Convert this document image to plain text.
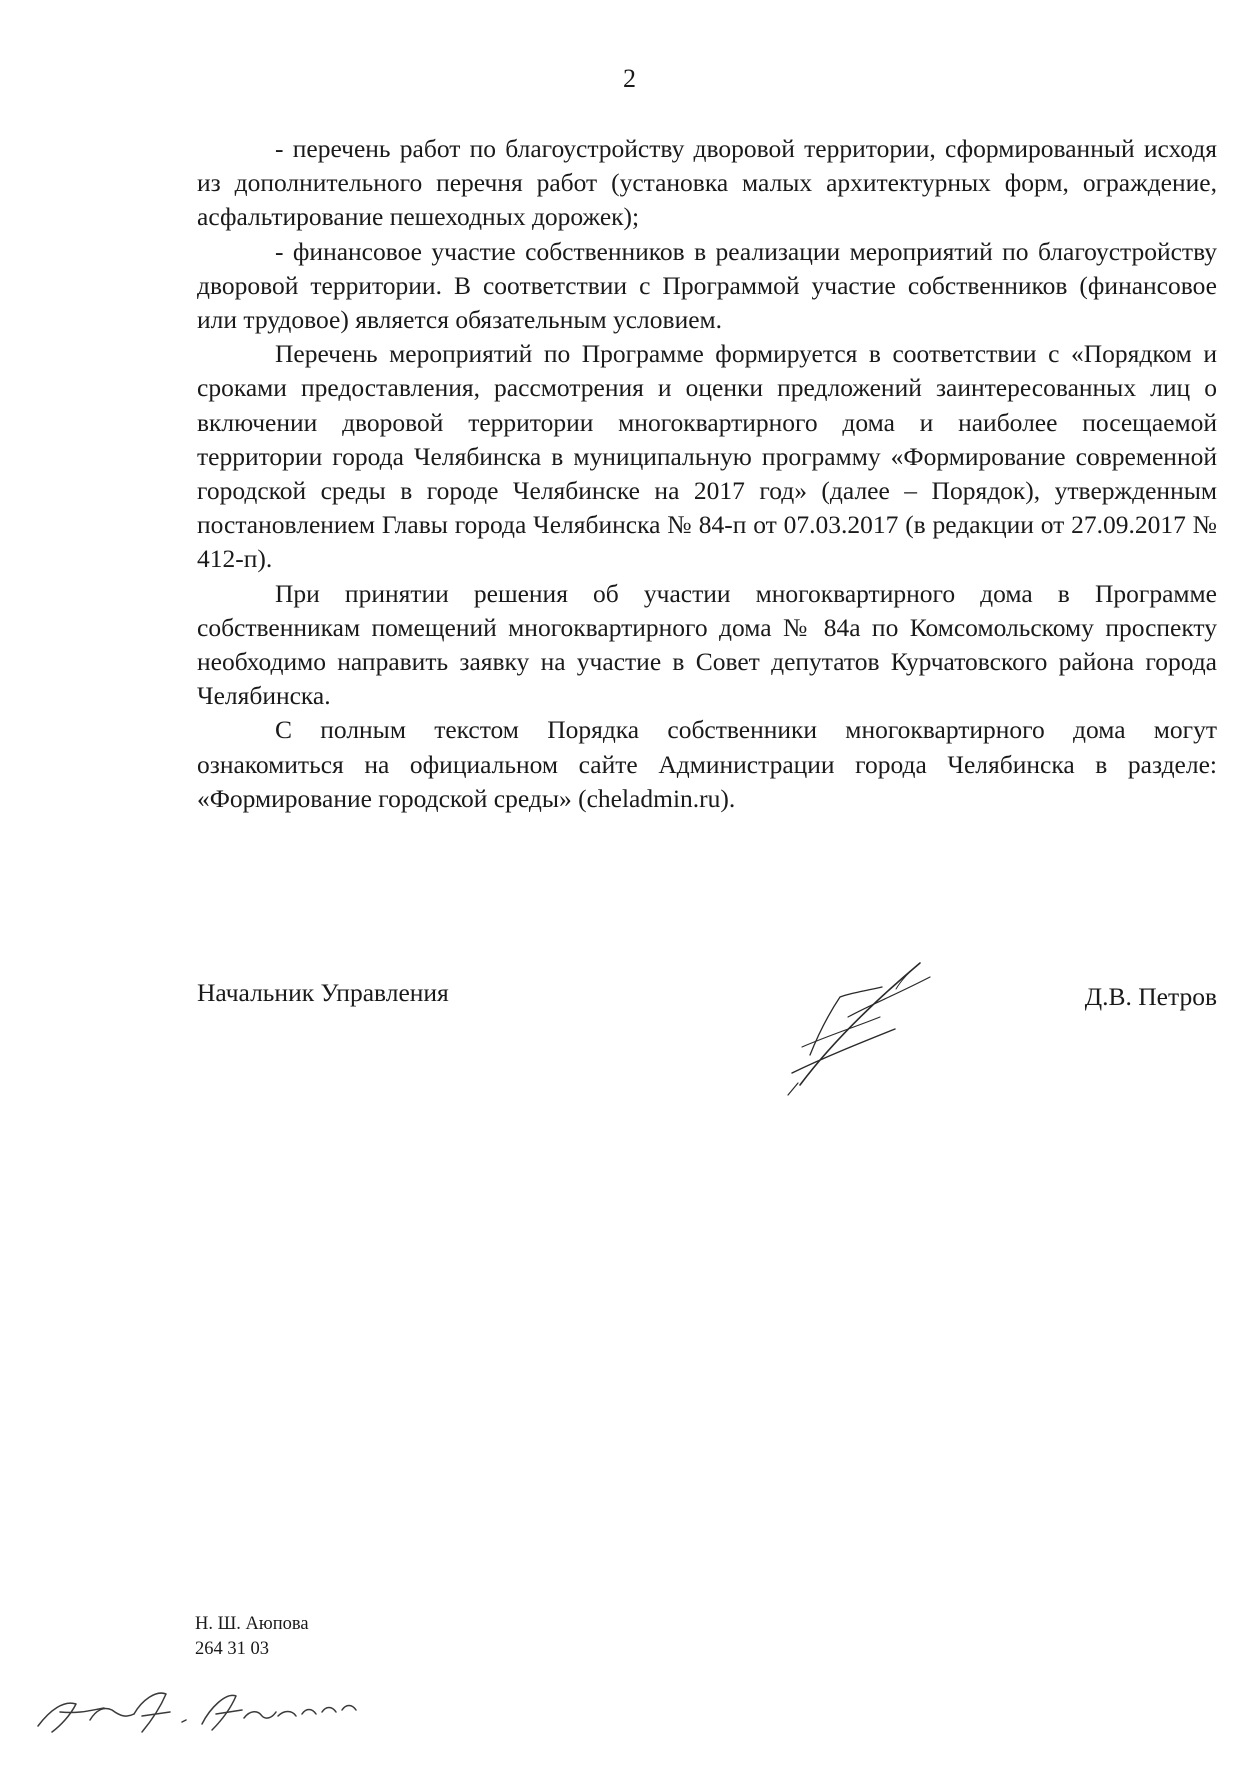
2

- перечень работ по благоустройству дворовой территории, сформированный исходя из дополнительного перечня работ (установка малых архитектурных форм, ограждение, асфальтирование пешеходных дорожек);

- финансовое участие собственников в реализации мероприятий по благоустройству дворовой территории. В соответствии с Программой участие собственников (финансовое или трудовое) является обязательным условием.

Перечень мероприятий по Программе формируется в соответствии с «Порядком и сроками предоставления, рассмотрения и оценки предложений заинтересованных лиц о включении дворовой территории многоквартирного дома и наиболее посещаемой территории города Челябинска в муниципальную программу «Формирование современной городской среды в городе Челябинске на 2017 год» (далее – Порядок), утвержденным постановлением Главы города Челябинска № 84-п от 07.03.2017 (в редакции от 27.09.2017 № 412-п).

При принятии решения об участии многоквартирного дома в Программе собственникам помещений многоквартирного дома № 84а по Комсомольскому проспекту необходимо направить заявку на участие в Совет депутатов Курчатовского района города Челябинска.

С полным текстом Порядка собственники многоквартирного дома могут ознакомиться на официальном сайте Администрации города Челябинска в разделе: «Формирование городской среды» (cheladmin.ru).

Начальник Управления	Д.В. Петров
Н. Ш. Аюпова
264 31 03
